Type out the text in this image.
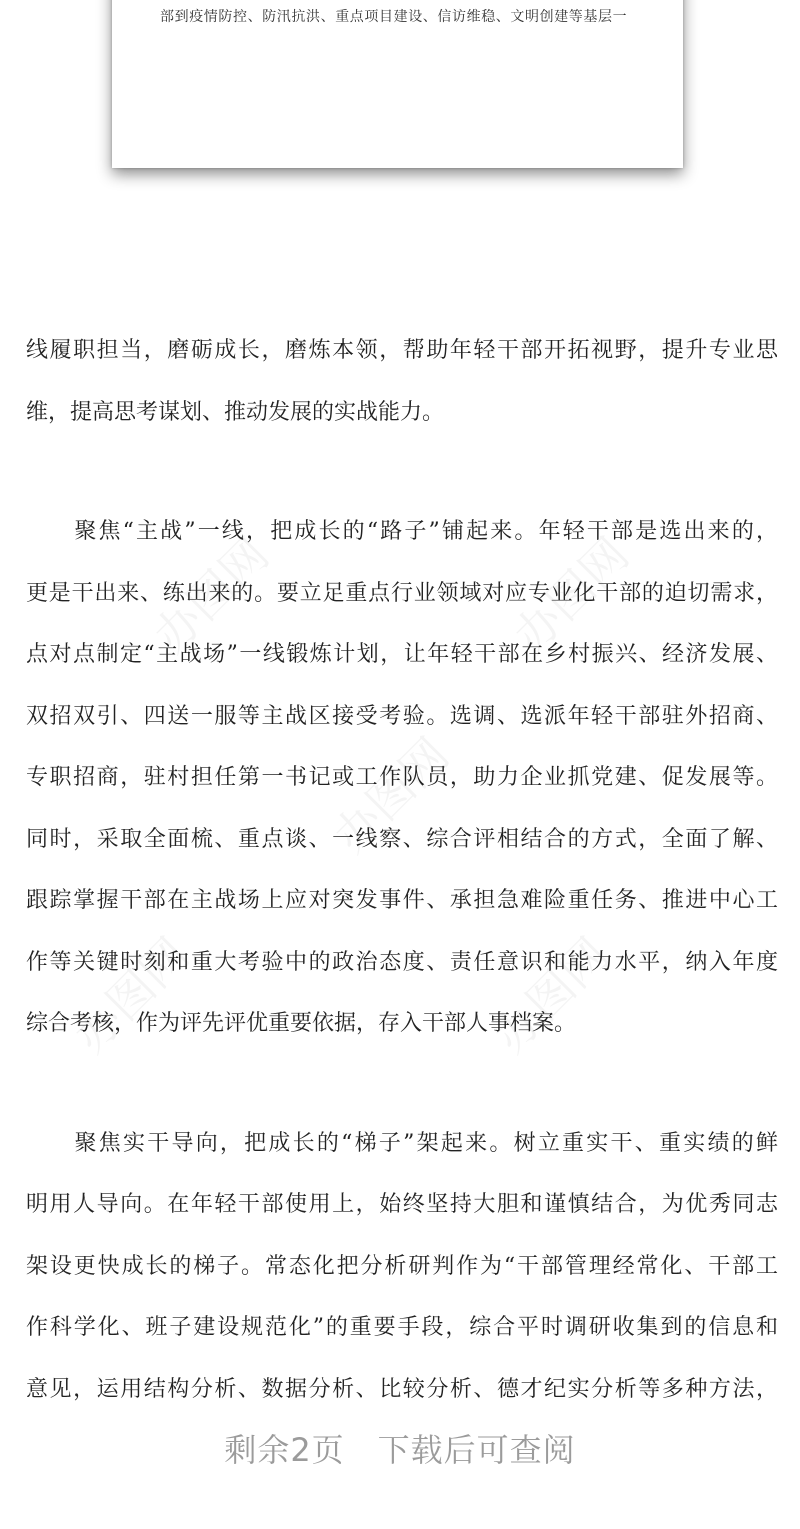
部到疫情防控、防汛抗洪、重点项目建设、信访维稳、文明创建等基层一
线履职担当，磨砺成长，磨炼本领，帮助年轻干部开拓视野，提升专业思
维，提高思考谋划、推动发展的实战能力。
　　聚焦“主战”一线，把成长的“路子”铺起来。年轻干部是选出来的，
更是干出来、练出来的。要立足重点行业领域对应专业化干部的迫切需求，
点对点制定“主战场”一线锻炼计划，让年轻干部在乡村振兴、经济发展、
双招双引、四送一服等主战区接受考验。选调、选派年轻干部驻外招商、
专职招商，驻村担任第一书记或工作队员，助力企业抓党建、促发展等。
同时，采取全面梳、重点谈、一线察、综合评相结合的方式，全面了解、
跟踪掌握干部在主战场上应对突发事件、承担急难险重任务、推进中心工
作等关键时刻和重大考验中的政治态度、责任意识和能力水平，纳入年度
综合考核，作为评先评优重要依据，存入干部人事档案。
　　聚焦实干导向，把成长的“梯子”架起来。树立重实干、重实绩的鲜
明用人导向。在年轻干部使用上，始终坚持大胆和谨慎结合，为优秀同志
架设更快成长的梯子。常态化把分析研判作为“干部管理经常化、干部工
作科学化、班子建设规范化”的重要手段，综合平时调研收集到的信息和
意见，运用结构分析、数据分析、比较分析、德才纪实分析等多种方法，
剩余2页　下载后可查阅
